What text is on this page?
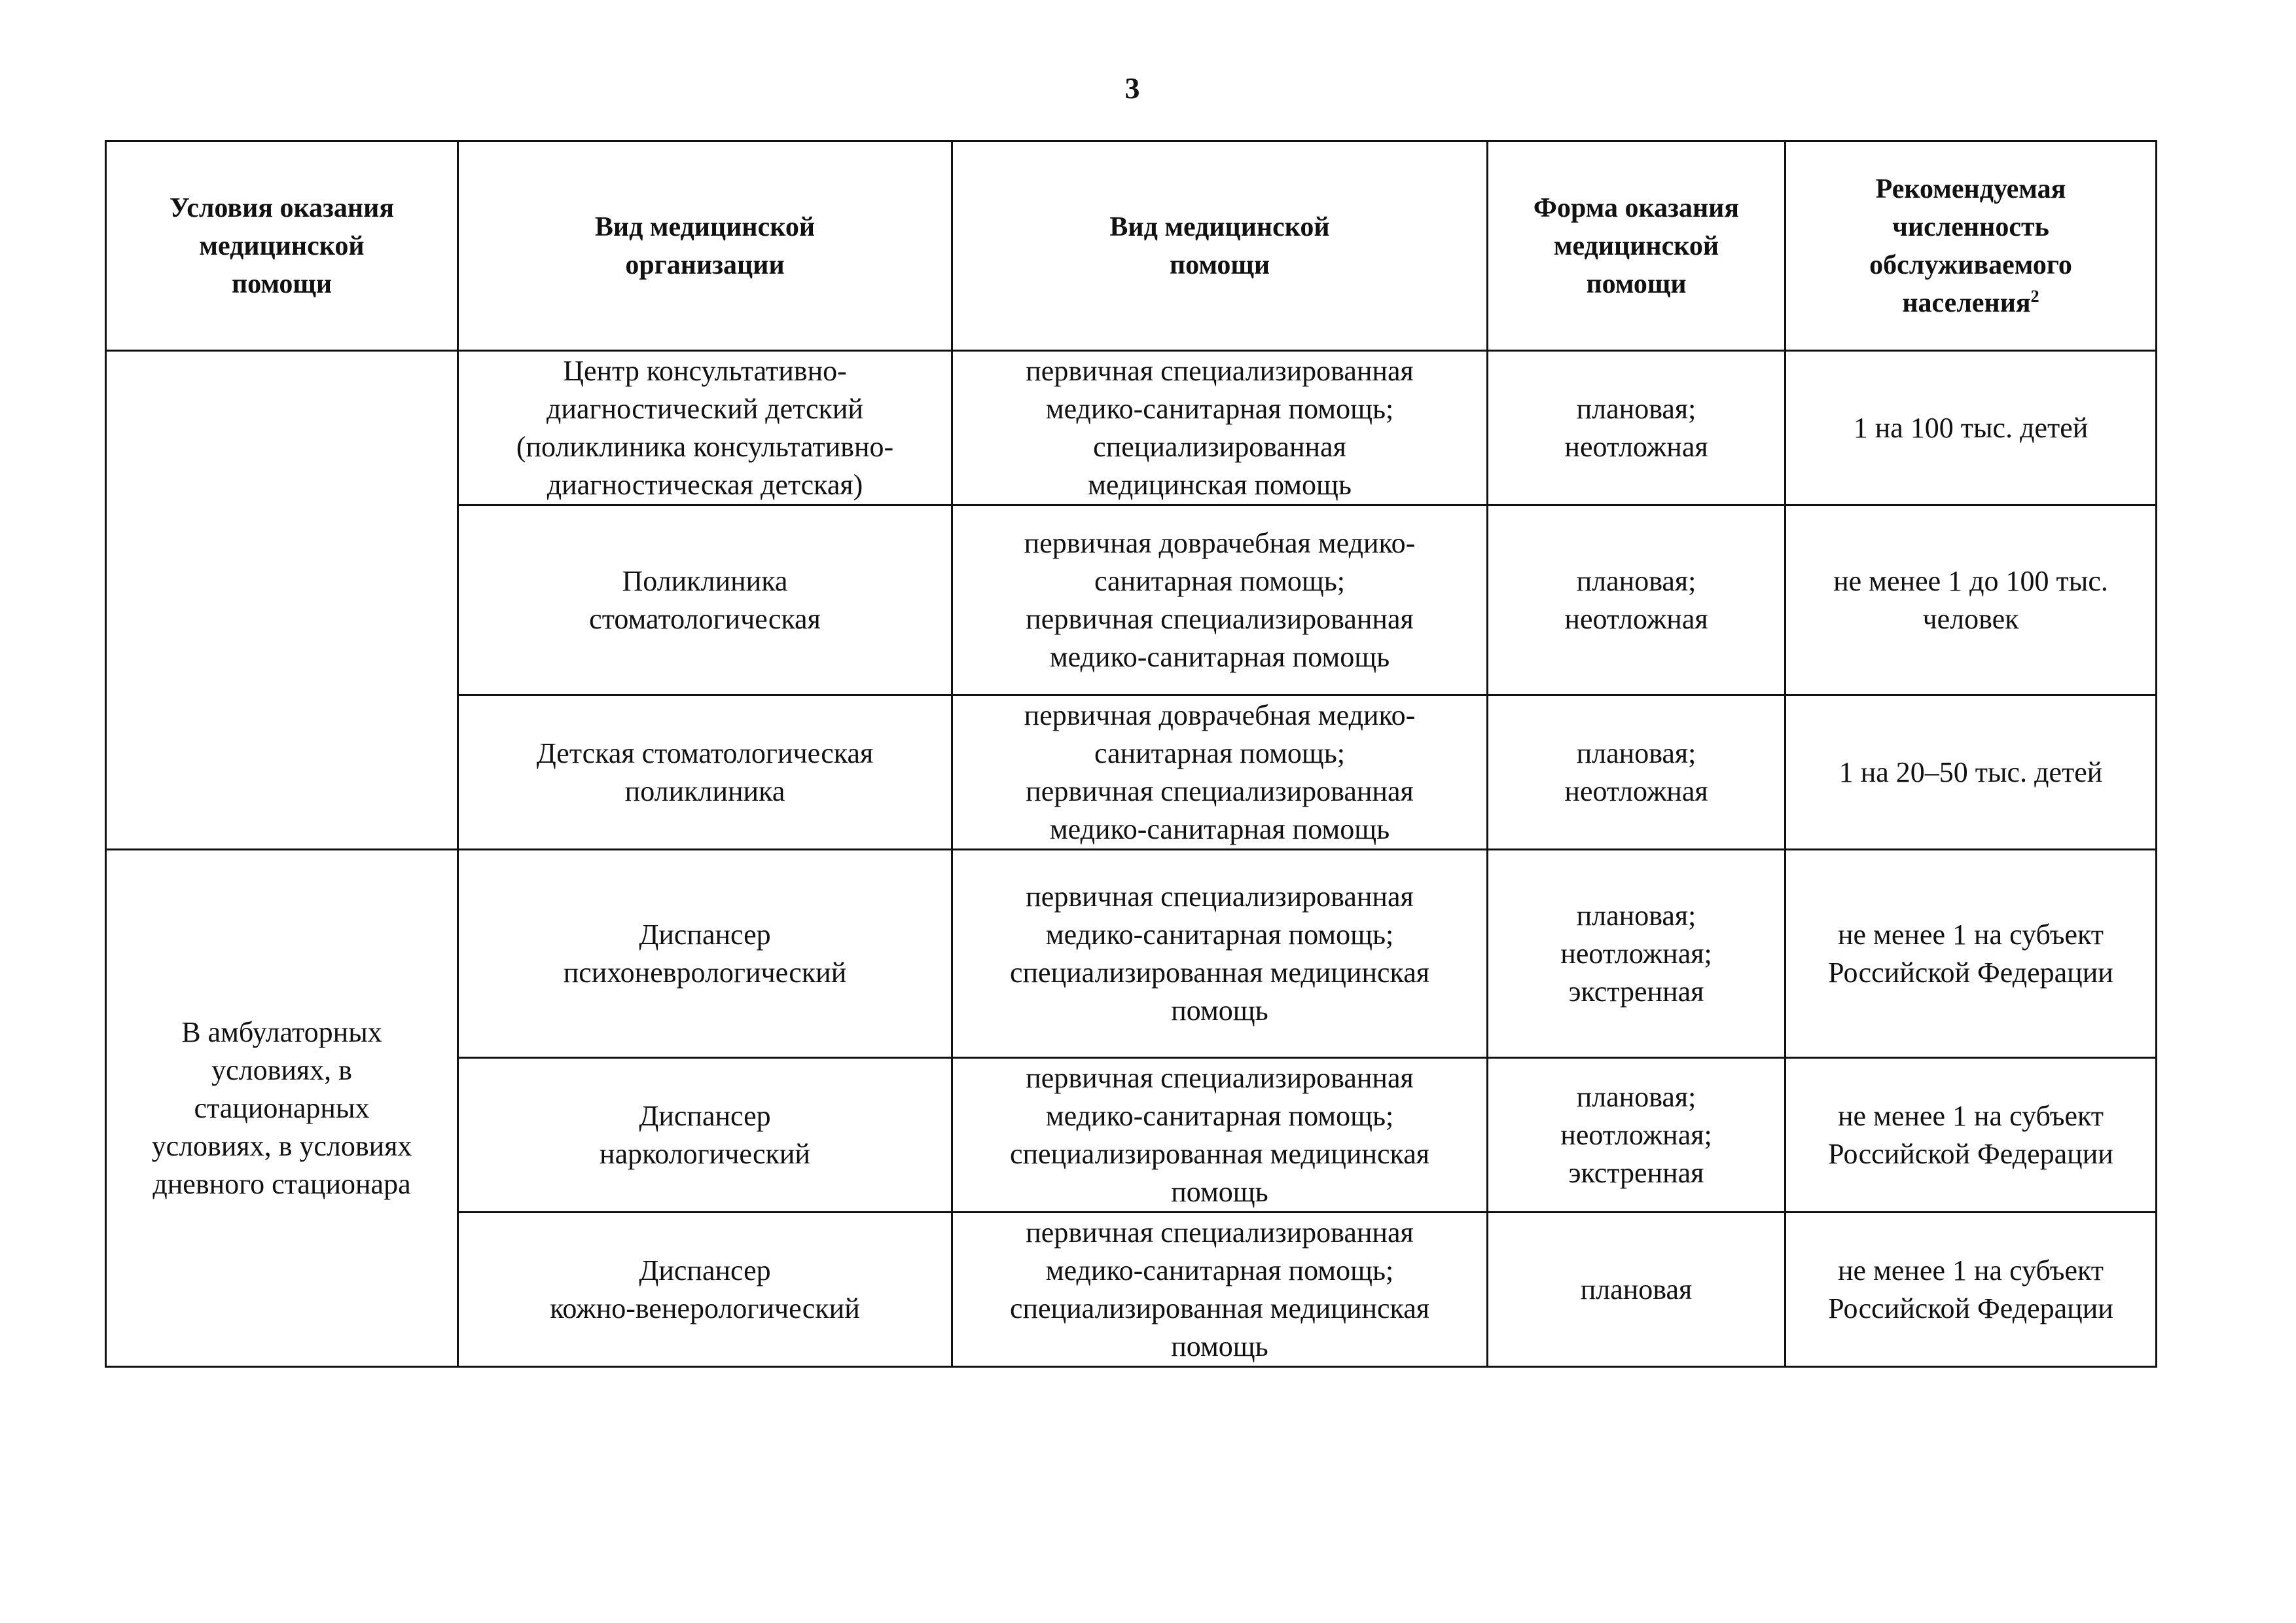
3
Условия оказания
медицинской
помощи	Вид медицинской
организации	Вид медицинской
помощи	Форма оказания
медицинской
помощи	Рекомендуемая
численность
обслуживаемого
населения$^2$
	Центр консультативно-
диагностический детский
(поликлиника консультативно-
диагностическая детская)	первичная специализированная
медико-санитарная помощь;
специализированная
медицинская помощь	плановая;
неотложная	1 на 100 тыс. детей
	Поликлиника
стоматологическая	первичная доврачебная медико-
санитарная помощь;
первичная специализированная
медико-санитарная помощь	плановая;
неотложная	не менее 1 до 100 тыс.
человек
	Детская стоматологическая
поликлиника	первичная доврачебная медико-
санитарная помощь;
первичная специализированная
медико-санитарная помощь	плановая;
неотложная	1 на 20–50 тыс. детей
В амбулаторных
условиях, в
стационарных
условиях, в условиях
дневного стационара	Диспансер
психоневрологический	первичная специализированная
медико-санитарная помощь;
специализированная медицинская
помощь	плановая;
неотложная;
экстренная	не менее 1 на субъект
Российской Федерации
	Диспансер
наркологический	первичная специализированная
медико-санитарная помощь;
специализированная медицинская
помощь	плановая;
неотложная;
экстренная	не менее 1 на субъект
Российской Федерации
	Диспансер
кожно-венерологический	первичная специализированная
медико-санитарная помощь;
специализированная медицинская
помощь	плановая	не менее 1 на субъект
Российской Федерации
